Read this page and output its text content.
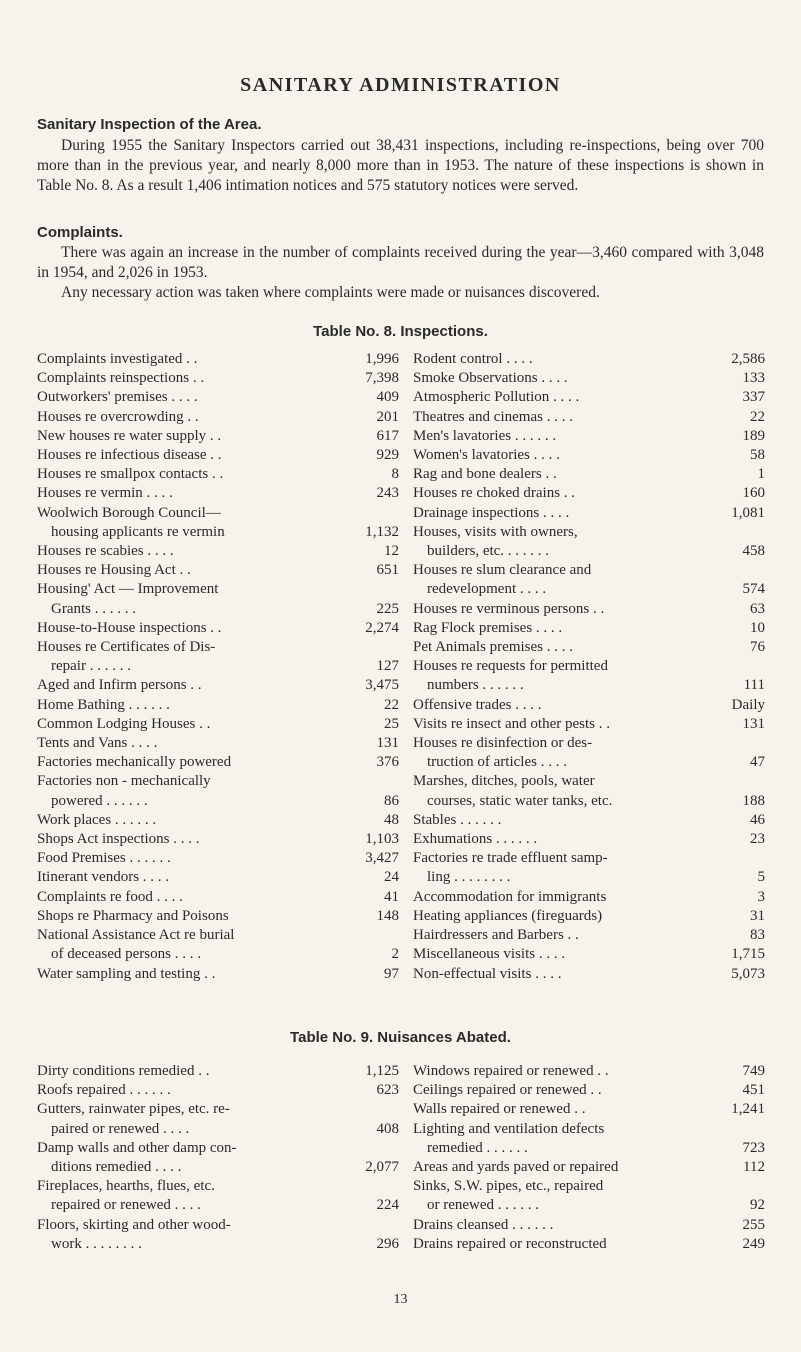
SANITARY ADMINISTRATION
Sanitary Inspection of the Area.
During 1955 the Sanitary Inspectors carried out 38,431 inspections, including re-inspections, being over 700 more than in the previous year, and nearly 8,000 more than in 1953. The nature of these inspections is shown in Table No. 8. As a result 1,406 intimation notices and 575 statutory notices were served.
Complaints.
There was again an increase in the number of complaints received during the year—3,460 compared with 3,048 in 1954, and 2,026 in 1953.
Any necessary action was taken where complaints were made or nuisances discovered.
Table No. 8. Inspections.
Complaints investigated . .	1,996
Complaints reinspections . .	7,398
Outworkers' premises . . . .	409
Houses re overcrowding . .	201
New houses re water supply . .	617
Houses re infectious disease . .	929
Houses re smallpox contacts . .	8
Houses re vermin . . . .	243
Woolwich Borough Council—
housing applicants re vermin	1,132
Houses re scabies . . . .	12
Houses re Housing Act . .	651
Housing' Act — Improvement
Grants . . . . . .	225
House-to-House inspections . .	2,274
Houses re Certificates of Dis-
repair . . . . . .	127
Aged and Infirm persons . .	3,475
Home Bathing . . . . . .	22
Common Lodging Houses . .	25
Tents and Vans . . . .	131
Factories mechanically powered	376
Factories non - mechanically
powered . . . . . .	86
Work places . . . . . .	48
Shops Act inspections . . . .	1,103
Food Premises . . . . . .	3,427
Itinerant vendors . . . .	24
Complaints re food . . . .	41
Shops re Pharmacy and Poisons	148
National Assistance Act re burial
of deceased persons . . . .	2
Water sampling and testing . .	97
Rodent control . . . .	2,586
Smoke Observations . . . .	133
Atmospheric Pollution . . . .	337
Theatres and cinemas . . . .	22
Men's lavatories . . . . . .	189
Women's lavatories . . . .	58
Rag and bone dealers . .	1
Houses re choked drains . .	160
Drainage inspections . . . .	1,081
Houses, visits with owners,
builders, etc. . . . . . .	458
Houses re slum clearance and
redevelopment . . . .	574
Houses re verminous persons . .	63
Rag Flock premises . . . .	10
Pet Animals premises . . . .	76
Houses re requests for permitted
numbers . . . . . .	111
Offensive trades . . . .	Daily
Visits re insect and other pests . .	131
Houses re disinfection or des-
truction of articles . . . .	47
Marshes, ditches, pools, water
courses, static water tanks, etc.	188
Stables . . . . . .	46
Exhumations . . . . . .	23
Factories re trade effluent samp-
ling . . . . . . . .	5
Accommodation for immigrants	3
Heating appliances (fireguards)	31
Hairdressers and Barbers . .	83
Miscellaneous visits . . . .	1,715
Non-effectual visits . . . .	5,073
Table No. 9. Nuisances Abated.
Dirty conditions remedied . .	1,125
Roofs repaired . . . . . .	623
Gutters, rainwater pipes, etc. re-
paired or renewed . . . .	408
Damp walls and other damp con-
ditions remedied . . . .	2,077
Fireplaces, hearths, flues, etc.
repaired or renewed . . . .	224
Floors, skirting and other wood-
work . . . . . . . .	296
Windows repaired or renewed . .	749
Ceilings repaired or renewed . .	451
Walls repaired or renewed . .	1,241
Lighting and ventilation defects
remedied . . . . . .	723
Areas and yards paved or repaired	112
Sinks, S.W. pipes, etc., repaired
or renewed . . . . . .	92
Drains cleansed . . . . . .	255
Drains repaired or reconstructed	249
13
